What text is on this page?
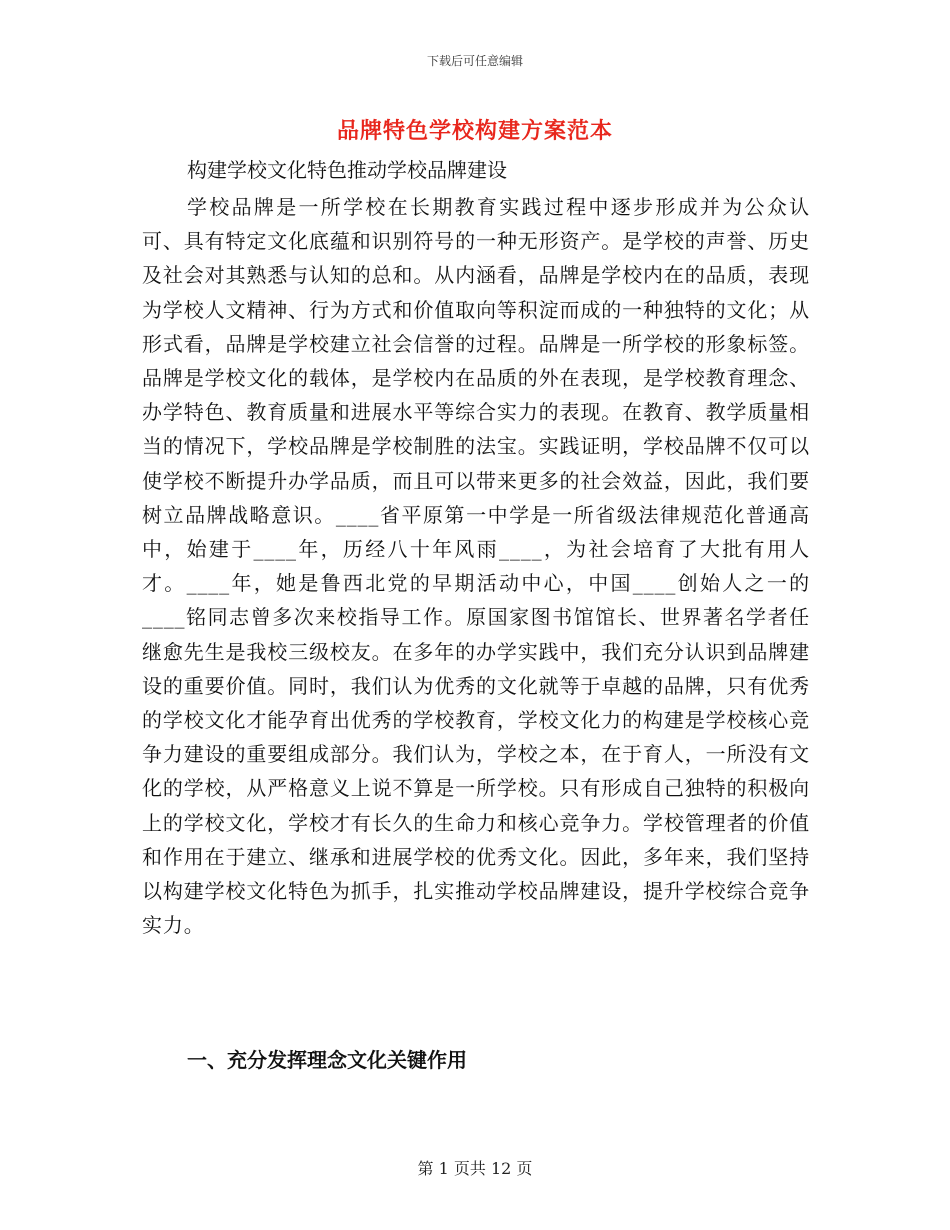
下载后可任意编辑
品牌特色学校构建方案范本

构建学校文化特色推动学校品牌建设

学校品牌是一所学校在长期教育实践过程中逐步形成并为公众认可、具有特定文化底蕴和识别符号的一种无形资产。是学校的声誉、历史及社会对其熟悉与认知的总和。从内涵看，品牌是学校内在的品质，表现为学校人文精神、行为方式和价值取向等积淀而成的一种独特的文化；从形式看，品牌是学校建立社会信誉的过程。品牌是一所学校的形象标签。品牌是学校文化的载体，是学校内在品质的外在表现，是学校教育理念、办学特色、教育质量和进展水平等综合实力的表现。在教育、教学质量相当的情况下，学校品牌是学校制胜的法宝。实践证明，学校品牌不仅可以使学校不断提升办学品质，而且可以带来更多的社会效益，因此，我们要树立品牌战略意识。____省平原第一中学是一所省级法律规范化普通高中，始建于____年，历经八十年风雨____，为社会培育了大批有用人才。____年，她是鲁西北党的早期活动中心，中国____创始人之一的____铭同志曾多次来校指导工作。原国家图书馆馆长、世界著名学者任继愈先生是我校三级校友。在多年的办学实践中，我们充分认识到品牌建设的重要价值。同时，我们认为优秀的文化就等于卓越的品牌，只有优秀的学校文化才能孕育出优秀的学校教育，学校文化力的构建是学校核心竞争力建设的重要组成部分。我们认为，学校之本，在于育人，一所没有文化的学校，从严格意义上说不算是一所学校。只有形成自己独特的积极向上的学校文化，学校才有长久的生命力和核心竞争力。学校管理者的价值和作用在于建立、继承和进展学校的优秀文化。因此，多年来，我们坚持以构建学校文化特色为抓手，扎实推动学校品牌建设，提升学校综合竞争实力。

一、充分发挥理念文化关键作用
第 1 页共 12 页
